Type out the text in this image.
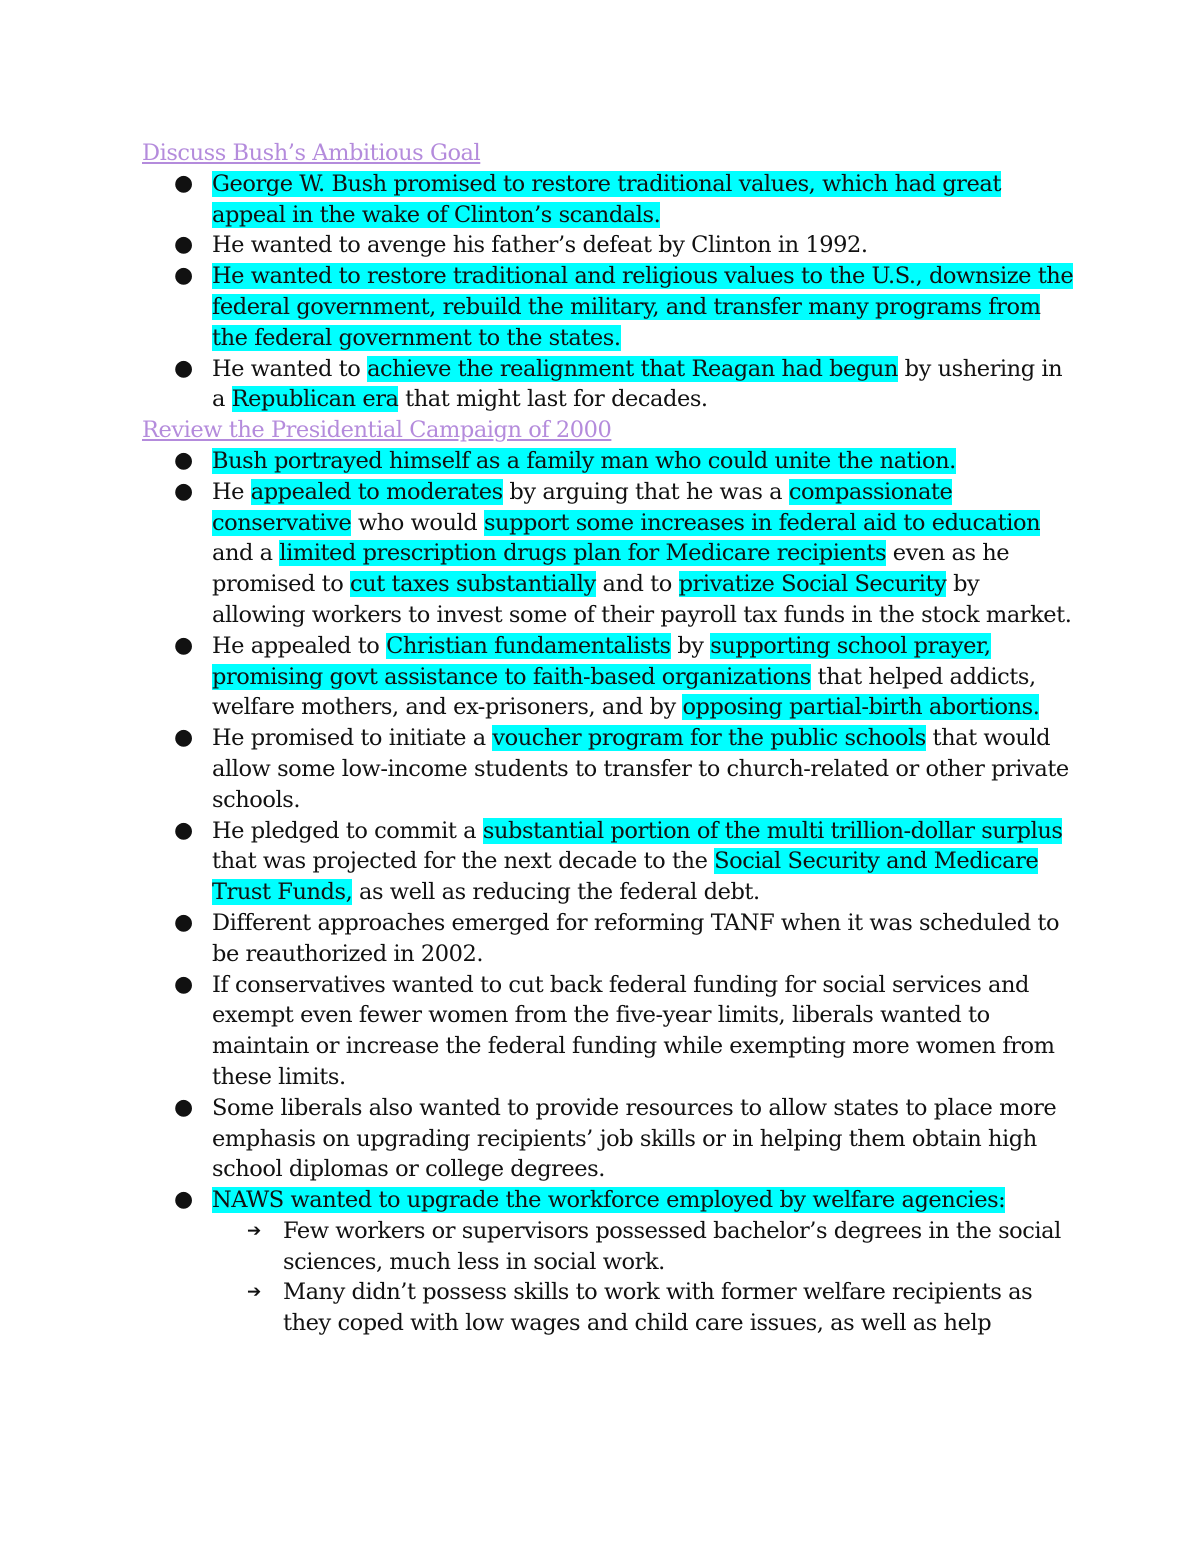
Discuss Bush’s Ambitious Goal
● George W. Bush promised to restore traditional values, which had great appeal in the wake of Clinton’s scandals.
● He wanted to avenge his father’s defeat by Clinton in 1992.
● He wanted to restore traditional and religious values to the U.S., downsize the federal government, rebuild the military, and transfer many programs from the federal government to the states.
● He wanted to achieve the realignment that Reagan had begun by ushering in a Republican era that might last for decades.
Review the Presidential Campaign of 2000
● Bush portrayed himself as a family man who could unite the nation.
● He appealed to moderates by arguing that he was a compassionate conservative who would support some increases in federal aid to education and a limited prescription drugs plan for Medicare recipients even as he promised to cut taxes substantially and to privatize Social Security by allowing workers to invest some of their payroll tax funds in the stock market.
● He appealed to Christian fundamentalists by supporting school prayer, promising govt assistance to faith-based organizations that helped addicts, welfare mothers, and ex-prisoners, and by opposing partial-birth abortions.
● He promised to initiate a voucher program for the public schools that would allow some low-income students to transfer to church-related or other private schools.
● He pledged to commit a substantial portion of the multi trillion-dollar surplus that was projected for the next decade to the Social Security and Medicare Trust Funds, as well as reducing the federal debt.
● Different approaches emerged for reforming TANF when it was scheduled to be reauthorized in 2002.
● If conservatives wanted to cut back federal funding for social services and exempt even fewer women from the five-year limits, liberals wanted to maintain or increase the federal funding while exempting more women from these limits.
● Some liberals also wanted to provide resources to allow states to place more emphasis on upgrading recipients’ job skills or in helping them obtain high school diplomas or college degrees.
● NAWS wanted to upgrade the workforce employed by welfare agencies:
➔ Few workers or supervisors possessed bachelor’s degrees in the social sciences, much less in social work.
➔ Many didn’t possess skills to work with former welfare recipients as they coped with low wages and child care issues, as well as help
